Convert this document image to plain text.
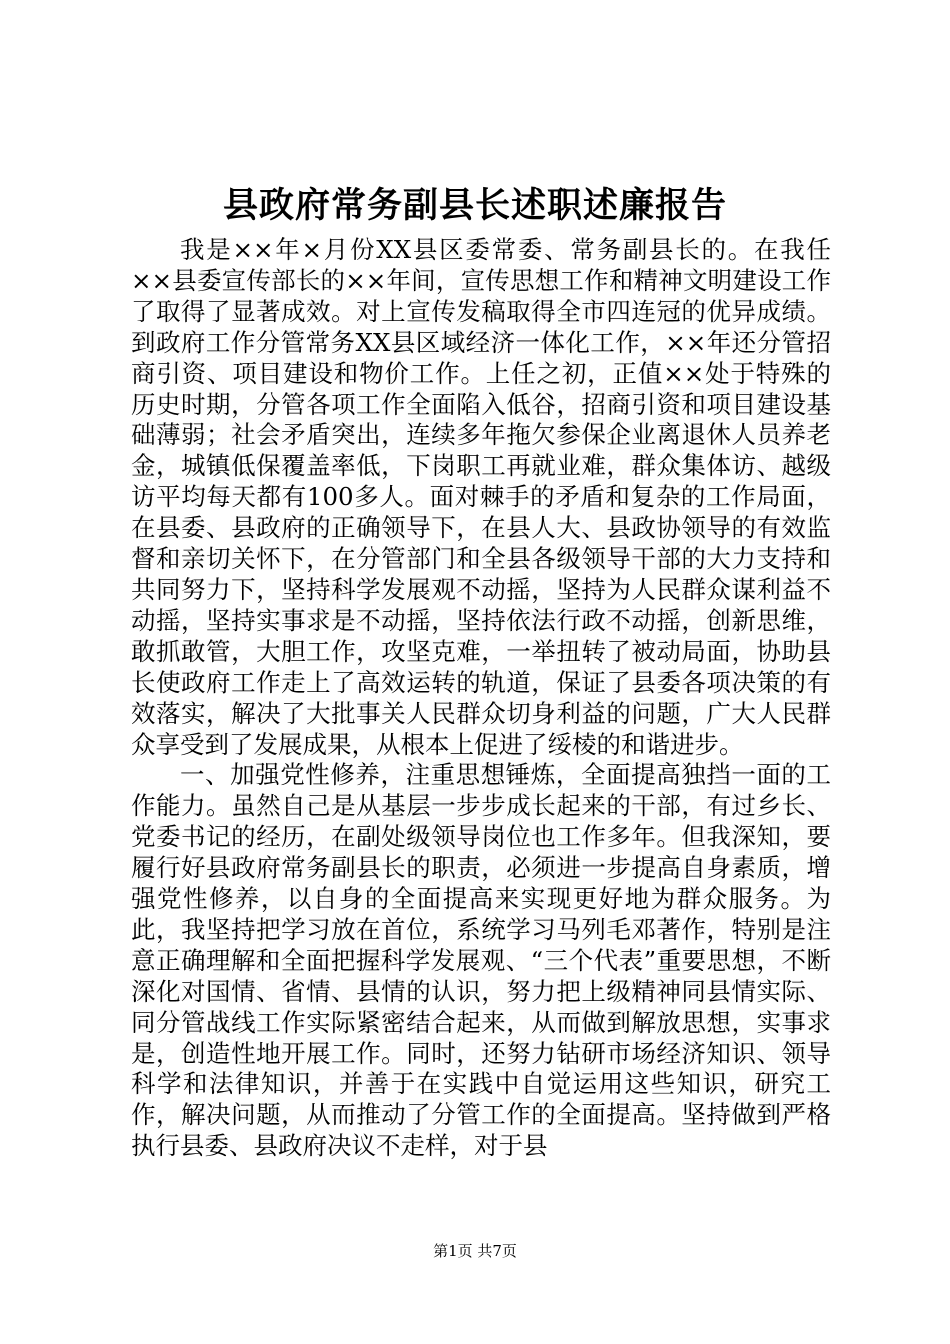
县政府常务副县长述职述廉报告

我是××年×月份XX县区委常委、常务副县长的。在我任××县委宣传部长的××年间，宣传思想工作和精神文明建设工作了取得了显著成效。对上宣传发稿取得全市四连冠的优异成绩。到政府工作分管常务XX县区域经济一体化工作，××年还分管招商引资、项目建设和物价工作。上任之初，正值××处于特殊的历史时期，分管各项工作全面陷入低谷，招商引资和项目建设基础薄弱；社会矛盾突出，连续多年拖欠参保企业离退休人员养老金，城镇低保覆盖率低，下岗职工再就业难，群众集体访、越级访平均每天都有100多人。面对棘手的矛盾和复杂的工作局面，在县委、县政府的正确领导下，在县人大、县政协领导的有效监督和亲切关怀下，在分管部门和全县各级领导干部的大力支持和共同努力下，坚持科学发展观不动摇，坚持为人民群众谋利益不动摇，坚持实事求是不动摇，坚持依法行政不动摇，创新思维，敢抓敢管，大胆工作，攻坚克难，一举扭转了被动局面，协助县长使政府工作走上了高效运转的轨道，保证了县委各项决策的有效落实，解决了大批事关人民群众切身利益的问题，广大人民群众享受到了发展成果，从根本上促进了绥棱的和谐进步。

一、加强党性修养，注重思想锤炼，全面提高独挡一面的工作能力。虽然自己是从基层一步步成长起来的干部，有过乡长、党委书记的经历，在副处级领导岗位也工作多年。但我深知，要履行好县政府常务副县长的职责，必须进一步提高自身素质，增强党性修养，以自身的全面提高来实现更好地为群众服务。为此，我坚持把学习放在首位，系统学习马列毛邓著作，特别是注意正确理解和全面把握科学发展观、“三个代表”重要思想，不断深化对国情、省情、县情的认识，努力把上级精神同县情实际、同分管战线工作实际紧密结合起来，从而做到解放思想，实事求是，创造性地开展工作。同时，还努力钻研市场经济知识、领导科学和法律知识，并善于在实践中自觉运用这些知识，研究工作，解决问题，从而推动了分管工作的全面提高。坚持做到严格执行县委、县政府决议不走样，对于县

第1页 共7页
